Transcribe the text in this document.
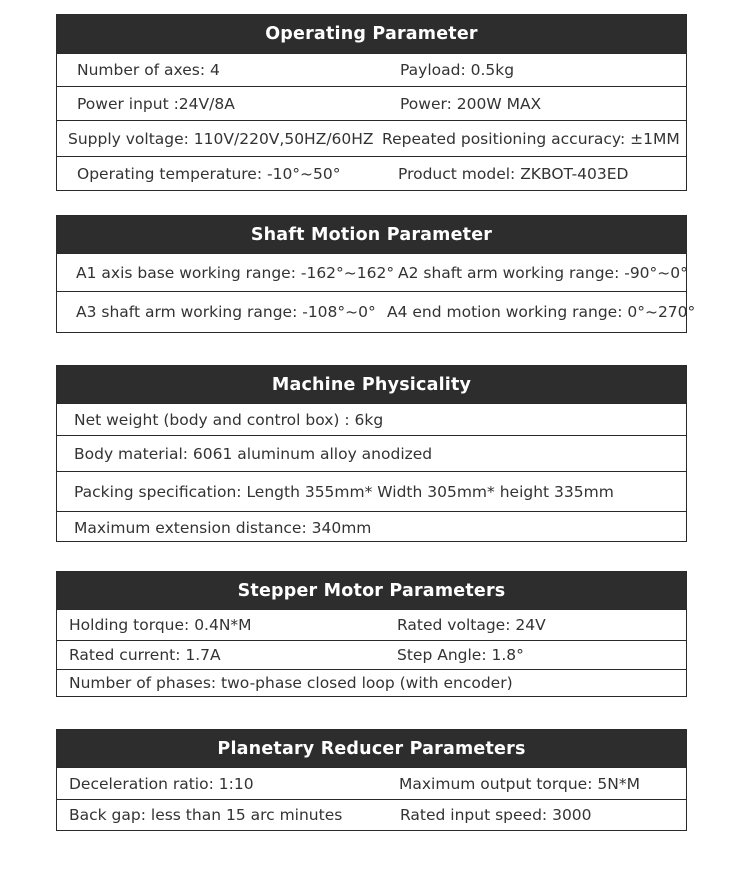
Operating Parameter
Number of axes: 4	Payload: 0.5kg
Power input :24V/8A	Power: 200W MAX
Supply voltage: 110V/220V,50HZ/60HZ Repeated positioning accuracy: ±1MM
Operating temperature: -10°~50°	Product model: ZKBOT-403ED
Shaft Motion Parameter
A1 axis base working range: -162°~162° A2 shaft arm working range: -90°~0°
A3 shaft arm working range: -108°~0° A4 end motion working range: 0°~270°
Machine Physicality
Net weight (body and control box) : 6kg
Body material: 6061 aluminum alloy anodized
Packing specification: Length 355mm* Width 305mm* height 335mm
Maximum extension distance: 340mm
Stepper Motor Parameters
Holding torque: 0.4N*M	Rated voltage: 24V
Rated current: 1.7A	Step Angle: 1.8°
Number of phases: two-phase closed loop (with encoder)
Planetary Reducer Parameters
Deceleration ratio: 1:10	Maximum output torque: 5N*M
Back gap: less than 15 arc minutes	Rated input speed: 3000
